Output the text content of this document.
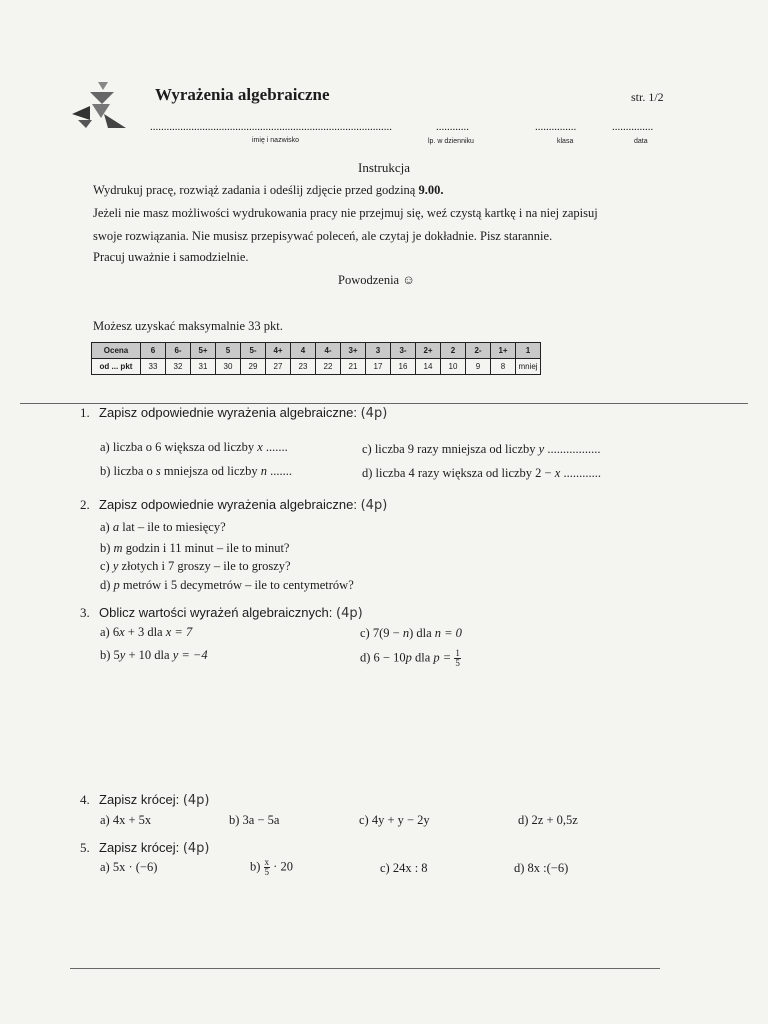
Wyrażenia algebraiczne	str. 1/2
........................................................................................	............	...............	...............
imię i nazwisko	lp. w dzienniku	klasa	data
Instrukcja
Wydrukuj pracę, rozwiąż zadania i odeślij zdjęcie przed godziną 9.00.
Jeżeli nie masz możliwości wydrukowania pracy nie przejmuj się, weź czystą kartkę i na niej zapisuj
swoje rozwiązania. Nie musisz przepisywać poleceń, ale czytaj je dokładnie. Pisz starannie.
Pracuj uważnie i samodzielnie.
Powodzenia ☺
Możesz uzyskać maksymalnie 33 pkt.
Ocena	6	6-	5+	5	5-	4+	4	4-	3+	3	3-	2+	2	2-	1+	1
od ... pkt	33	32	31	30	29	27	23	22	21	17	16	14	10	9	8	mniej
1. Zapisz odpowiednie wyrażenia algebraiczne: (4p)
a) liczba o 6 większa od liczby x .......
b) liczba o s mniejsza od liczby n .......
c) liczba 9 razy mniejsza od liczby y .................
d) liczba 4 razy większa od liczby 2 − x ............
2. Zapisz odpowiednie wyrażenia algebraiczne: (4p)
a) a lat – ile to miesięcy?
b) m godzin i 11 minut – ile to minut?
c) y złotych i 7 groszy – ile to groszy?
d) p metrów i 5 decymetrów – ile to centymetrów?
3. Oblicz wartości wyrażeń algebraicznych: (4p)
a) 6x + 3 dla x = 7
b) 5y + 10 dla y = −4
c) 7(9 − n) dla n = 0
d) 6 − 10p dla $p = \frac{1}{5}$
4. Zapisz krócej: (4p)
a) 4x + 5x	b) 3a − 5a	c) 4y + y − 2y	d) 2z + 0,5z
5. Zapisz krócej: (4p)
a) 5x · (−6)	$b) \frac{x}{5} \cdot 20$	c) 24x : 8	d) 8x :(−6)
